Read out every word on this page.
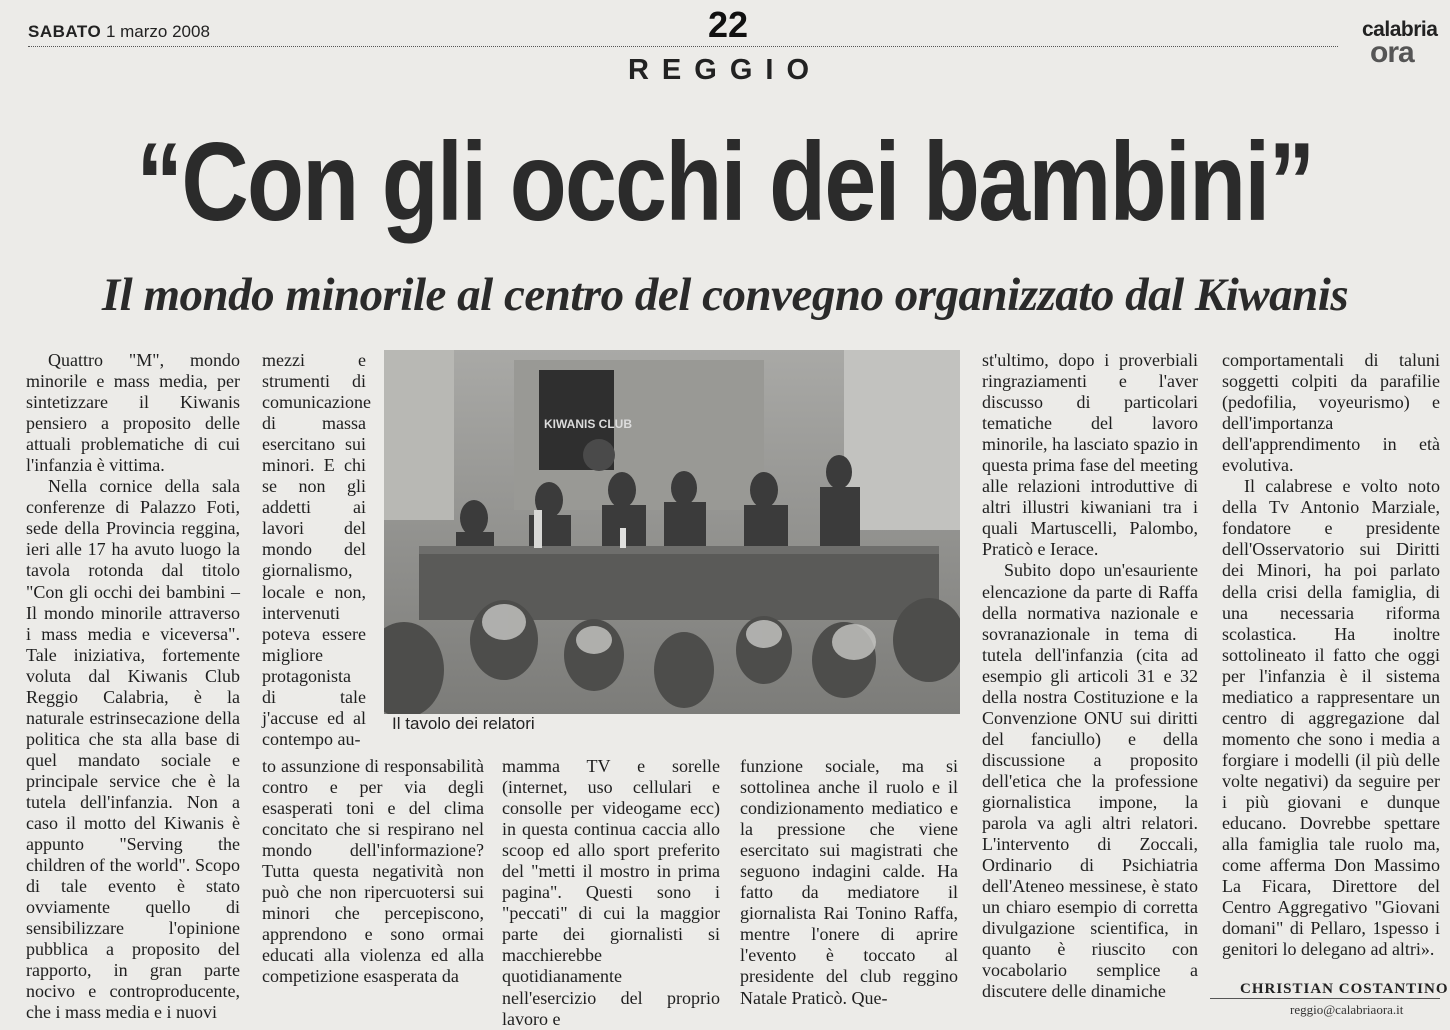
SABATO 1 marzo 2008	22	calabria
ora
REGGIO
“Con gli occhi dei bambini”
Il mondo minorile al centro del convegno organizzato dal Kiwanis

Quattro "M", mondo minorile e mass media, per sintetizzare il Kiwanis pensiero a proposito delle attuali problematiche di cui l'infanzia è vittima.

Nella cornice della sala conferenze di Palazzo Foti, sede della Provincia reggina, ieri alle 17 ha avuto luogo la tavola rotonda dal titolo "Con gli occhi dei bambini – Il mondo minorile attraverso i mass media e viceversa". Tale iniziativa, fortemente voluta dal Kiwanis Club Reggio Calabria, è la naturale estrinsecazione della politica che sta alla base di quel mandato sociale e principale service che è la tutela dell'infanzia. Non a caso il motto del Kiwanis è appunto "Serving the children of the world". Scopo di tale evento è stato ovviamente quello di sensibilizzare l'opinione pubblica a proposito del rapporto, in gran parte nocivo e controproducente, che i mass media e i nuovi

mezzi e strumenti di comunicazione di massa esercitano sui minori. E chi se non gli addetti ai lavori del mondo del giornalismo, locale e non, intervenuti poteva essere migliore protagonista di tale j'accuse ed al contempo au-

KIWANIS CLUB
Il tavolo dei relatori

to assunzione di responsabilità contro e per via degli esasperati toni e del clima concitato che si respirano nel mondo dell'informazione? Tutta questa negatività non può che non ripercuotersi sui minori che percepiscono, apprendono e sono ormai educati alla violenza ed alla competizione esasperata da

mamma TV e sorelle (internet, uso cellulari e consolle per videogame ecc) in questa continua caccia allo scoop ed allo sport preferito del "metti il mostro in prima pagina". Questi sono i "peccati" di cui la maggior parte dei giornalisti si macchierebbe quotidianamente nell'esercizio del proprio lavoro e

funzione sociale, ma si sottolinea anche il ruolo e il condizionamento mediatico e la pressione che viene esercitato sui magistrati che seguono indagini calde. Ha fatto da mediatore il giornalista Rai Tonino Raffa, mentre l'onere di aprire l'evento è toccato al presidente del club reggino Natale Praticò. Que-

st'ultimo, dopo i proverbiali ringraziamenti e l'aver discusso di particolari tematiche del lavoro minorile, ha lasciato spazio in questa prima fase del meeting alle relazioni introduttive di altri illustri kiwaniani tra i quali Martuscelli, Palombo, Praticò e Ierace.

Subito dopo un'esauriente elencazione da parte di Raffa della normativa nazionale e sovranazionale in tema di tutela dell'infanzia (cita ad esempio gli articoli 31 e 32 della nostra Costituzione e la Convenzione ONU sui diritti del fanciullo) e della discussione a proposito dell'etica che la professione giornalistica impone, la parola va agli altri relatori. L'intervento di Zoccali, Ordinario di Psichiatria dell'Ateneo messinese, è stato un chiaro esempio di corretta divulgazione scientifica, in quanto è riuscito con vocabolario semplice a discutere delle dinamiche

comportamentali di taluni soggetti colpiti da parafilie (pedofilia, voyeurismo) e dell'importanza dell'apprendimento in età evolutiva.

Il calabrese e volto noto della Tv Antonio Marziale, fondatore e presidente dell'Osservatorio sui Diritti dei Minori, ha poi parlato della crisi della famiglia, di una necessaria riforma scolastica. Ha inoltre sottolineato il fatto che oggi per l'infanzia è il sistema mediatico a rappresentare un centro di aggregazione dal momento che sono i media a forgiare i modelli (il più delle volte negativi) da seguire per i più giovani e dunque educano. Dovrebbe spettare alla famiglia tale ruolo ma, come afferma Don Massimo La Ficara, Direttore del Centro Aggregativo "Giovani domani" di Pellaro, 1spesso i genitori lo delegano ad altri».

CHRISTIAN COSTANTINO
reggio@calabriaora.it
